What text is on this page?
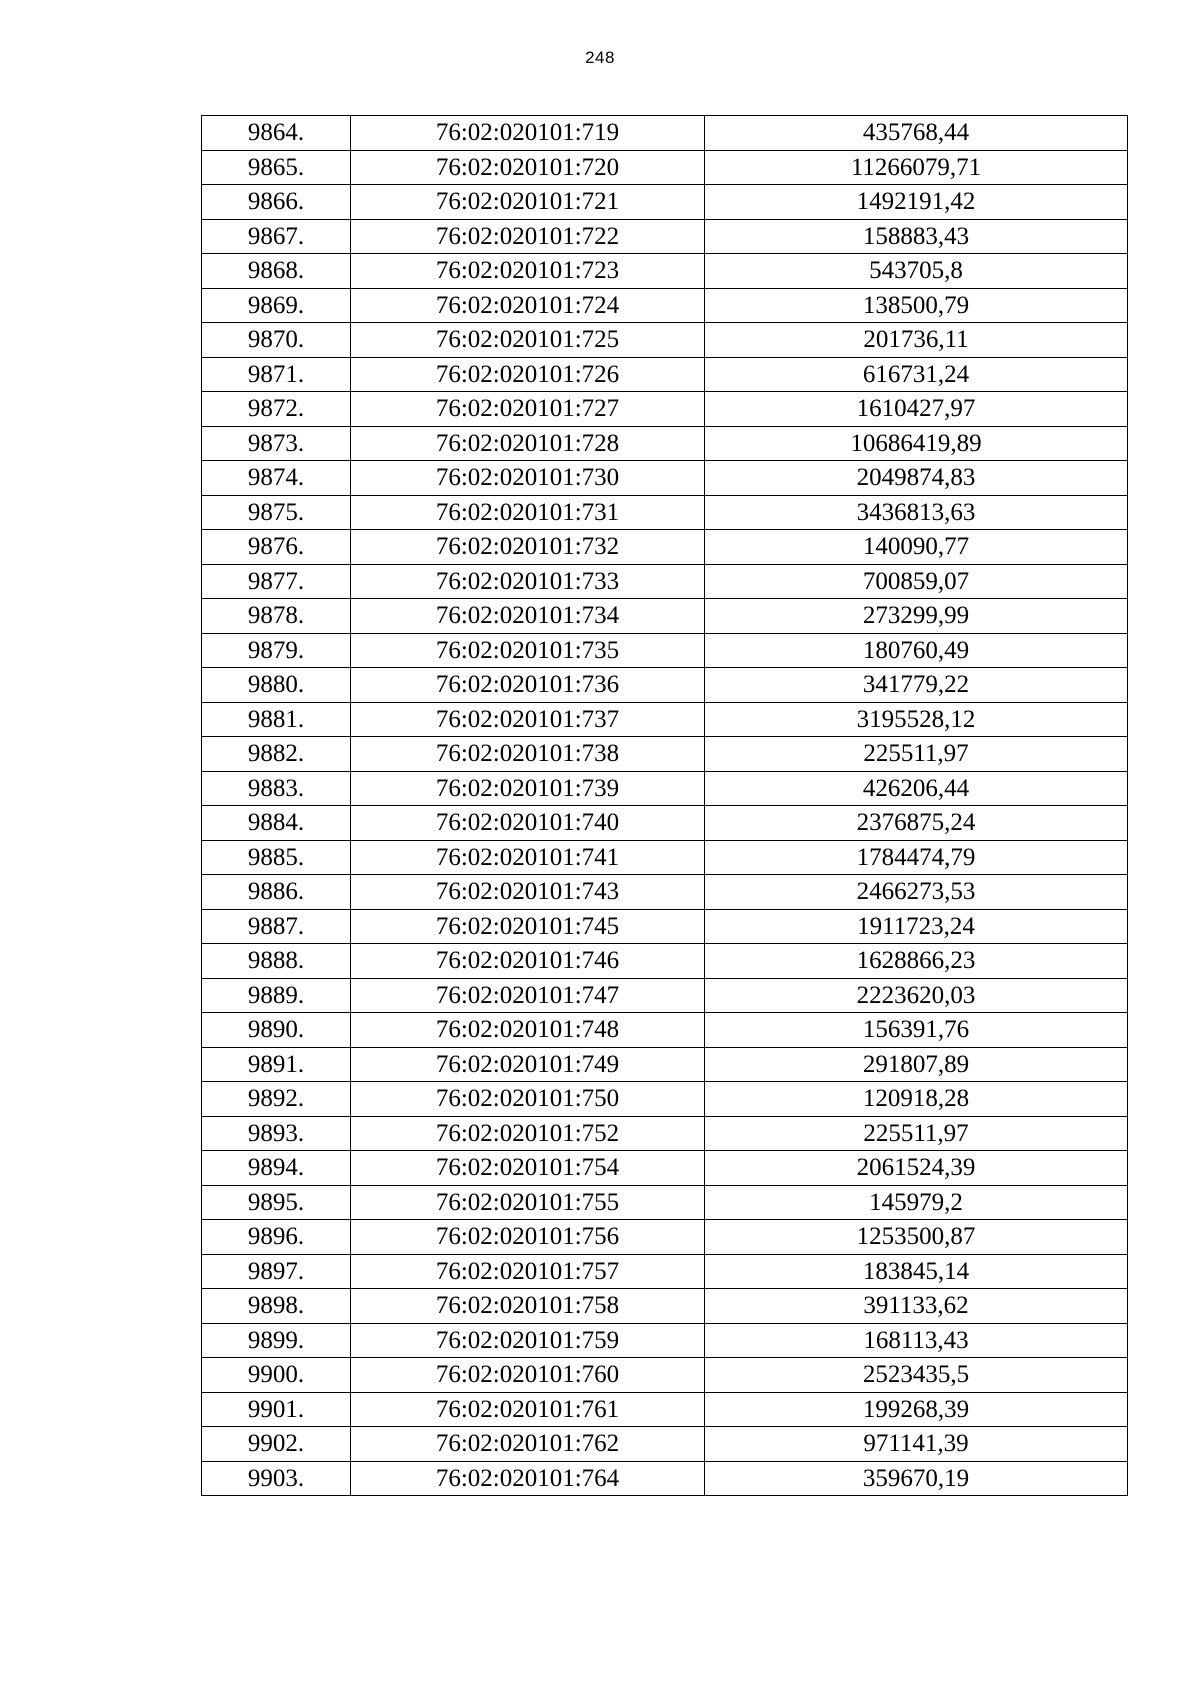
248
9864.	76:02:020101:719	435768,44
9865.	76:02:020101:720	11266079,71
9866.	76:02:020101:721	1492191,42
9867.	76:02:020101:722	158883,43
9868.	76:02:020101:723	543705,8
9869.	76:02:020101:724	138500,79
9870.	76:02:020101:725	201736,11
9871.	76:02:020101:726	616731,24
9872.	76:02:020101:727	1610427,97
9873.	76:02:020101:728	10686419,89
9874.	76:02:020101:730	2049874,83
9875.	76:02:020101:731	3436813,63
9876.	76:02:020101:732	140090,77
9877.	76:02:020101:733	700859,07
9878.	76:02:020101:734	273299,99
9879.	76:02:020101:735	180760,49
9880.	76:02:020101:736	341779,22
9881.	76:02:020101:737	3195528,12
9882.	76:02:020101:738	225511,97
9883.	76:02:020101:739	426206,44
9884.	76:02:020101:740	2376875,24
9885.	76:02:020101:741	1784474,79
9886.	76:02:020101:743	2466273,53
9887.	76:02:020101:745	1911723,24
9888.	76:02:020101:746	1628866,23
9889.	76:02:020101:747	2223620,03
9890.	76:02:020101:748	156391,76
9891.	76:02:020101:749	291807,89
9892.	76:02:020101:750	120918,28
9893.	76:02:020101:752	225511,97
9894.	76:02:020101:754	2061524,39
9895.	76:02:020101:755	145979,2
9896.	76:02:020101:756	1253500,87
9897.	76:02:020101:757	183845,14
9898.	76:02:020101:758	391133,62
9899.	76:02:020101:759	168113,43
9900.	76:02:020101:760	2523435,5
9901.	76:02:020101:761	199268,39
9902.	76:02:020101:762	971141,39
9903.	76:02:020101:764	359670,19
